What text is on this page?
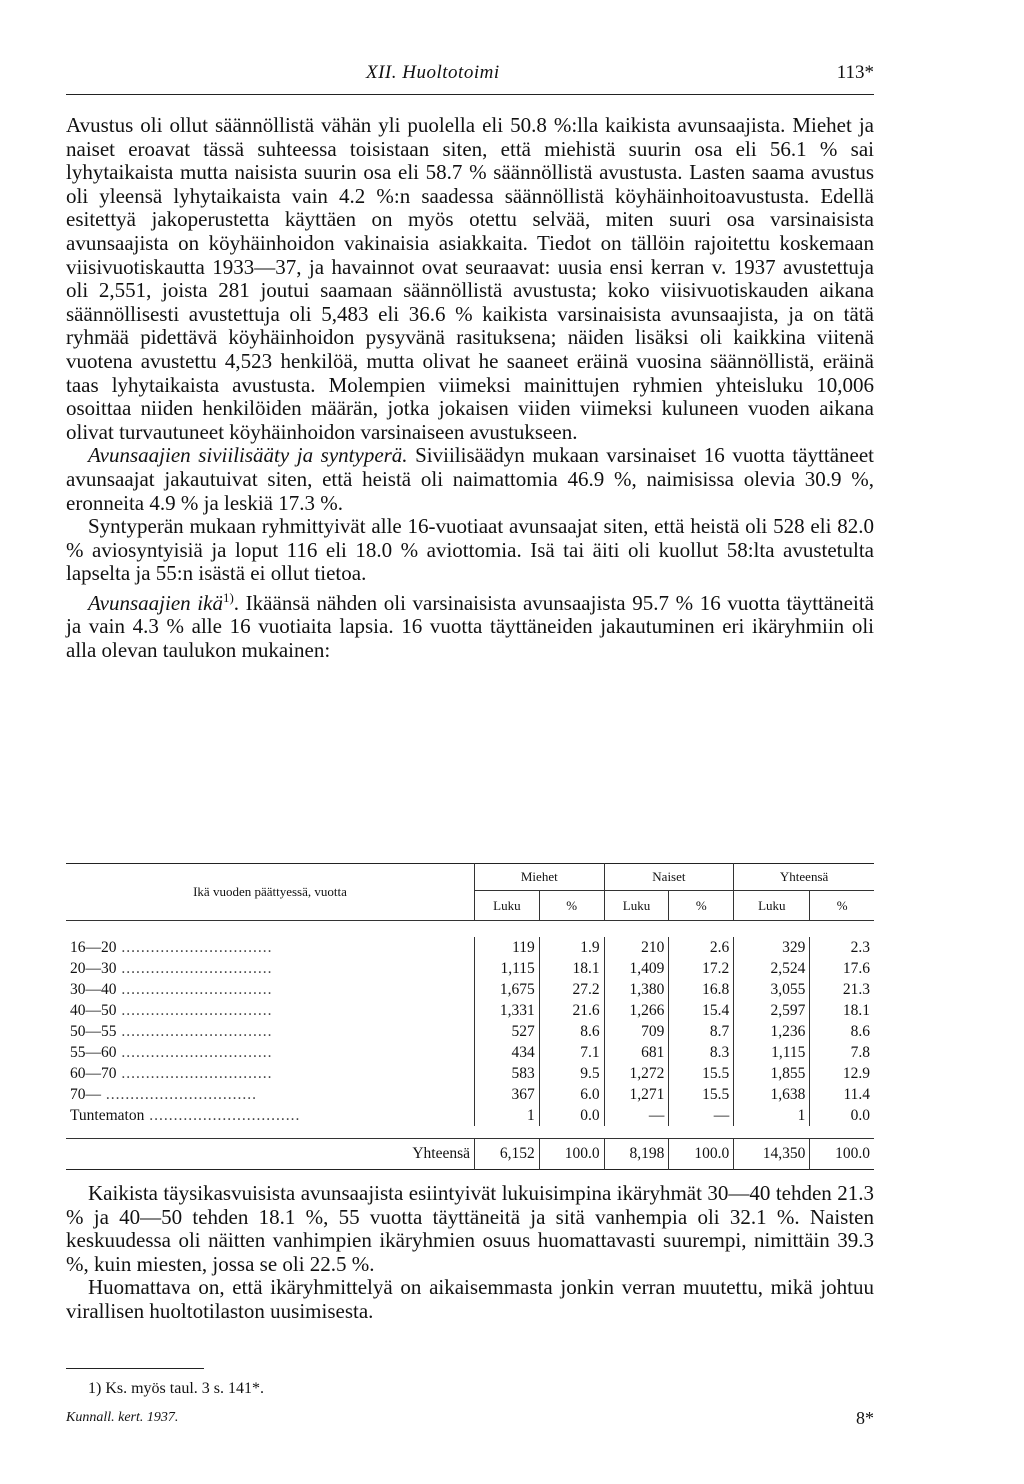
XII. Huoltotoimi	113*

Avustus oli ollut säännöllistä vähän yli puolella eli 50.8 %:lla kaikista avunsaajista. Miehet ja naiset eroavat tässä suhteessa toisistaan siten, että miehistä suurin osa eli 56.1 % sai lyhytaikaista mutta naisista suurin osa eli 58.7 % säännöllistä avustusta. Lasten saama avustus oli yleensä lyhytaikaista vain 4.2 %:n saadessa säännöllistä köyhäinhoitoavustusta. Edellä esitettyä jakoperustetta käyttäen on myös otettu selvää, miten suuri osa varsinaisista avunsaajista on köyhäinhoidon vakinaisia asiakkaita. Tiedot on tällöin rajoitettu koskemaan viisivuotiskautta 1933—37, ja havainnot ovat seuraavat: uusia ensi kerran v. 1937 avustettuja oli 2,551, joista 281 joutui saamaan säännöllistä avustusta; koko viisivuotiskauden aikana säännöllisesti avustettuja oli 5,483 eli 36.6 % kaikista varsinaisista avunsaajista, ja on tätä ryhmää pidettävä köyhäinhoidon pysyvänä rasituksena; näiden lisäksi oli kaikkina viitenä vuotena avustettu 4,523 henkilöä, mutta olivat he saaneet eräinä vuosina säännöllistä, eräinä taas lyhytaikaista avustusta. Molempien viimeksi mainittujen ryhmien yhteisluku 10,006 osoittaa niiden henkilöiden määrän, jotka jokaisen viiden viimeksi kuluneen vuoden aikana olivat turvautuneet köyhäinhoidon varsinaiseen avustukseen.

Avunsaajien siviilisääty ja syntyperä. Siviilisäädyn mukaan varsinaiset 16 vuotta täyttäneet avunsaajat jakautuivat siten, että heistä oli naimattomia 46.9 %, naimisissa olevia 30.9 %, eronneita 4.9 % ja leskiä 17.3 %.

Syntyperän mukaan ryhmittyivät alle 16-vuotiaat avunsaajat siten, että heistä oli 528 eli 82.0 % aviosyntyisiä ja loput 116 eli 18.0 % aviottomia. Isä tai äiti oli kuollut 58:lta avustetulta lapselta ja 55:n isästä ei ollut tietoa.

Avunsaajien ikä$^{1)}$. Ikäänsä nähden oli varsinaisista avunsaajista 95.7 % 16 vuotta täyttäneitä ja vain 4.3 % alle 16 vuotiaita lapsia. 16 vuotta täyttäneiden jakautuminen eri ikäryhmiin oli alla olevan taulukon mukainen:

Ikä vuoden päättyessä, vuotta	Miehet		Naiset		Yhteensä	
	Luku	%	Luku	%	Luku	%

16—20 ...............................	119	1.9	210	2.6	329	2.3
20—30 ...............................	1,115	18.1	1,409	17.2	2,524	17.6
30—40 ...............................	1,675	27.2	1,380	16.8	3,055	21.3
40—50 ...............................	1,331	21.6	1,266	15.4	2,597	18.1
50—55 ...............................	527	8.6	709	8.7	1,236	8.6
55—60 ...............................	434	7.1	681	8.3	1,115	7.8
60—70 ...............................	583	9.5	1,272	15.5	1,855	12.9
70— ...............................	367	6.0	1,271	15.5	1,638	11.4
Tuntematon ...............................	1	0.0	—	—	1	0.0

Yhteensä	6,152	100.0	8,198	100.0	14,350	100.0

Kaikista täysikasvuisista avunsaajista esiintyivät lukuisimpina ikäryhmät 30—40 tehden 21.3 % ja 40—50 tehden 18.1 %, 55 vuotta täyttäneitä ja sitä vanhempia oli 32.1 %. Naisten keskuudessa oli näitten vanhimpien ikäryhmien osuus huomattavasti suurempi, nimittäin 39.3 %, kuin miesten, jossa se oli 22.5 %.

Huomattava on, että ikäryhmittelyä on aikaisemmasta jonkin verran muutettu, mikä johtuu virallisen huoltotilaston uusimisesta.

1) Ks. myös taul. 3 s. 141*.
Kunnall. kert. 1937.	8*
